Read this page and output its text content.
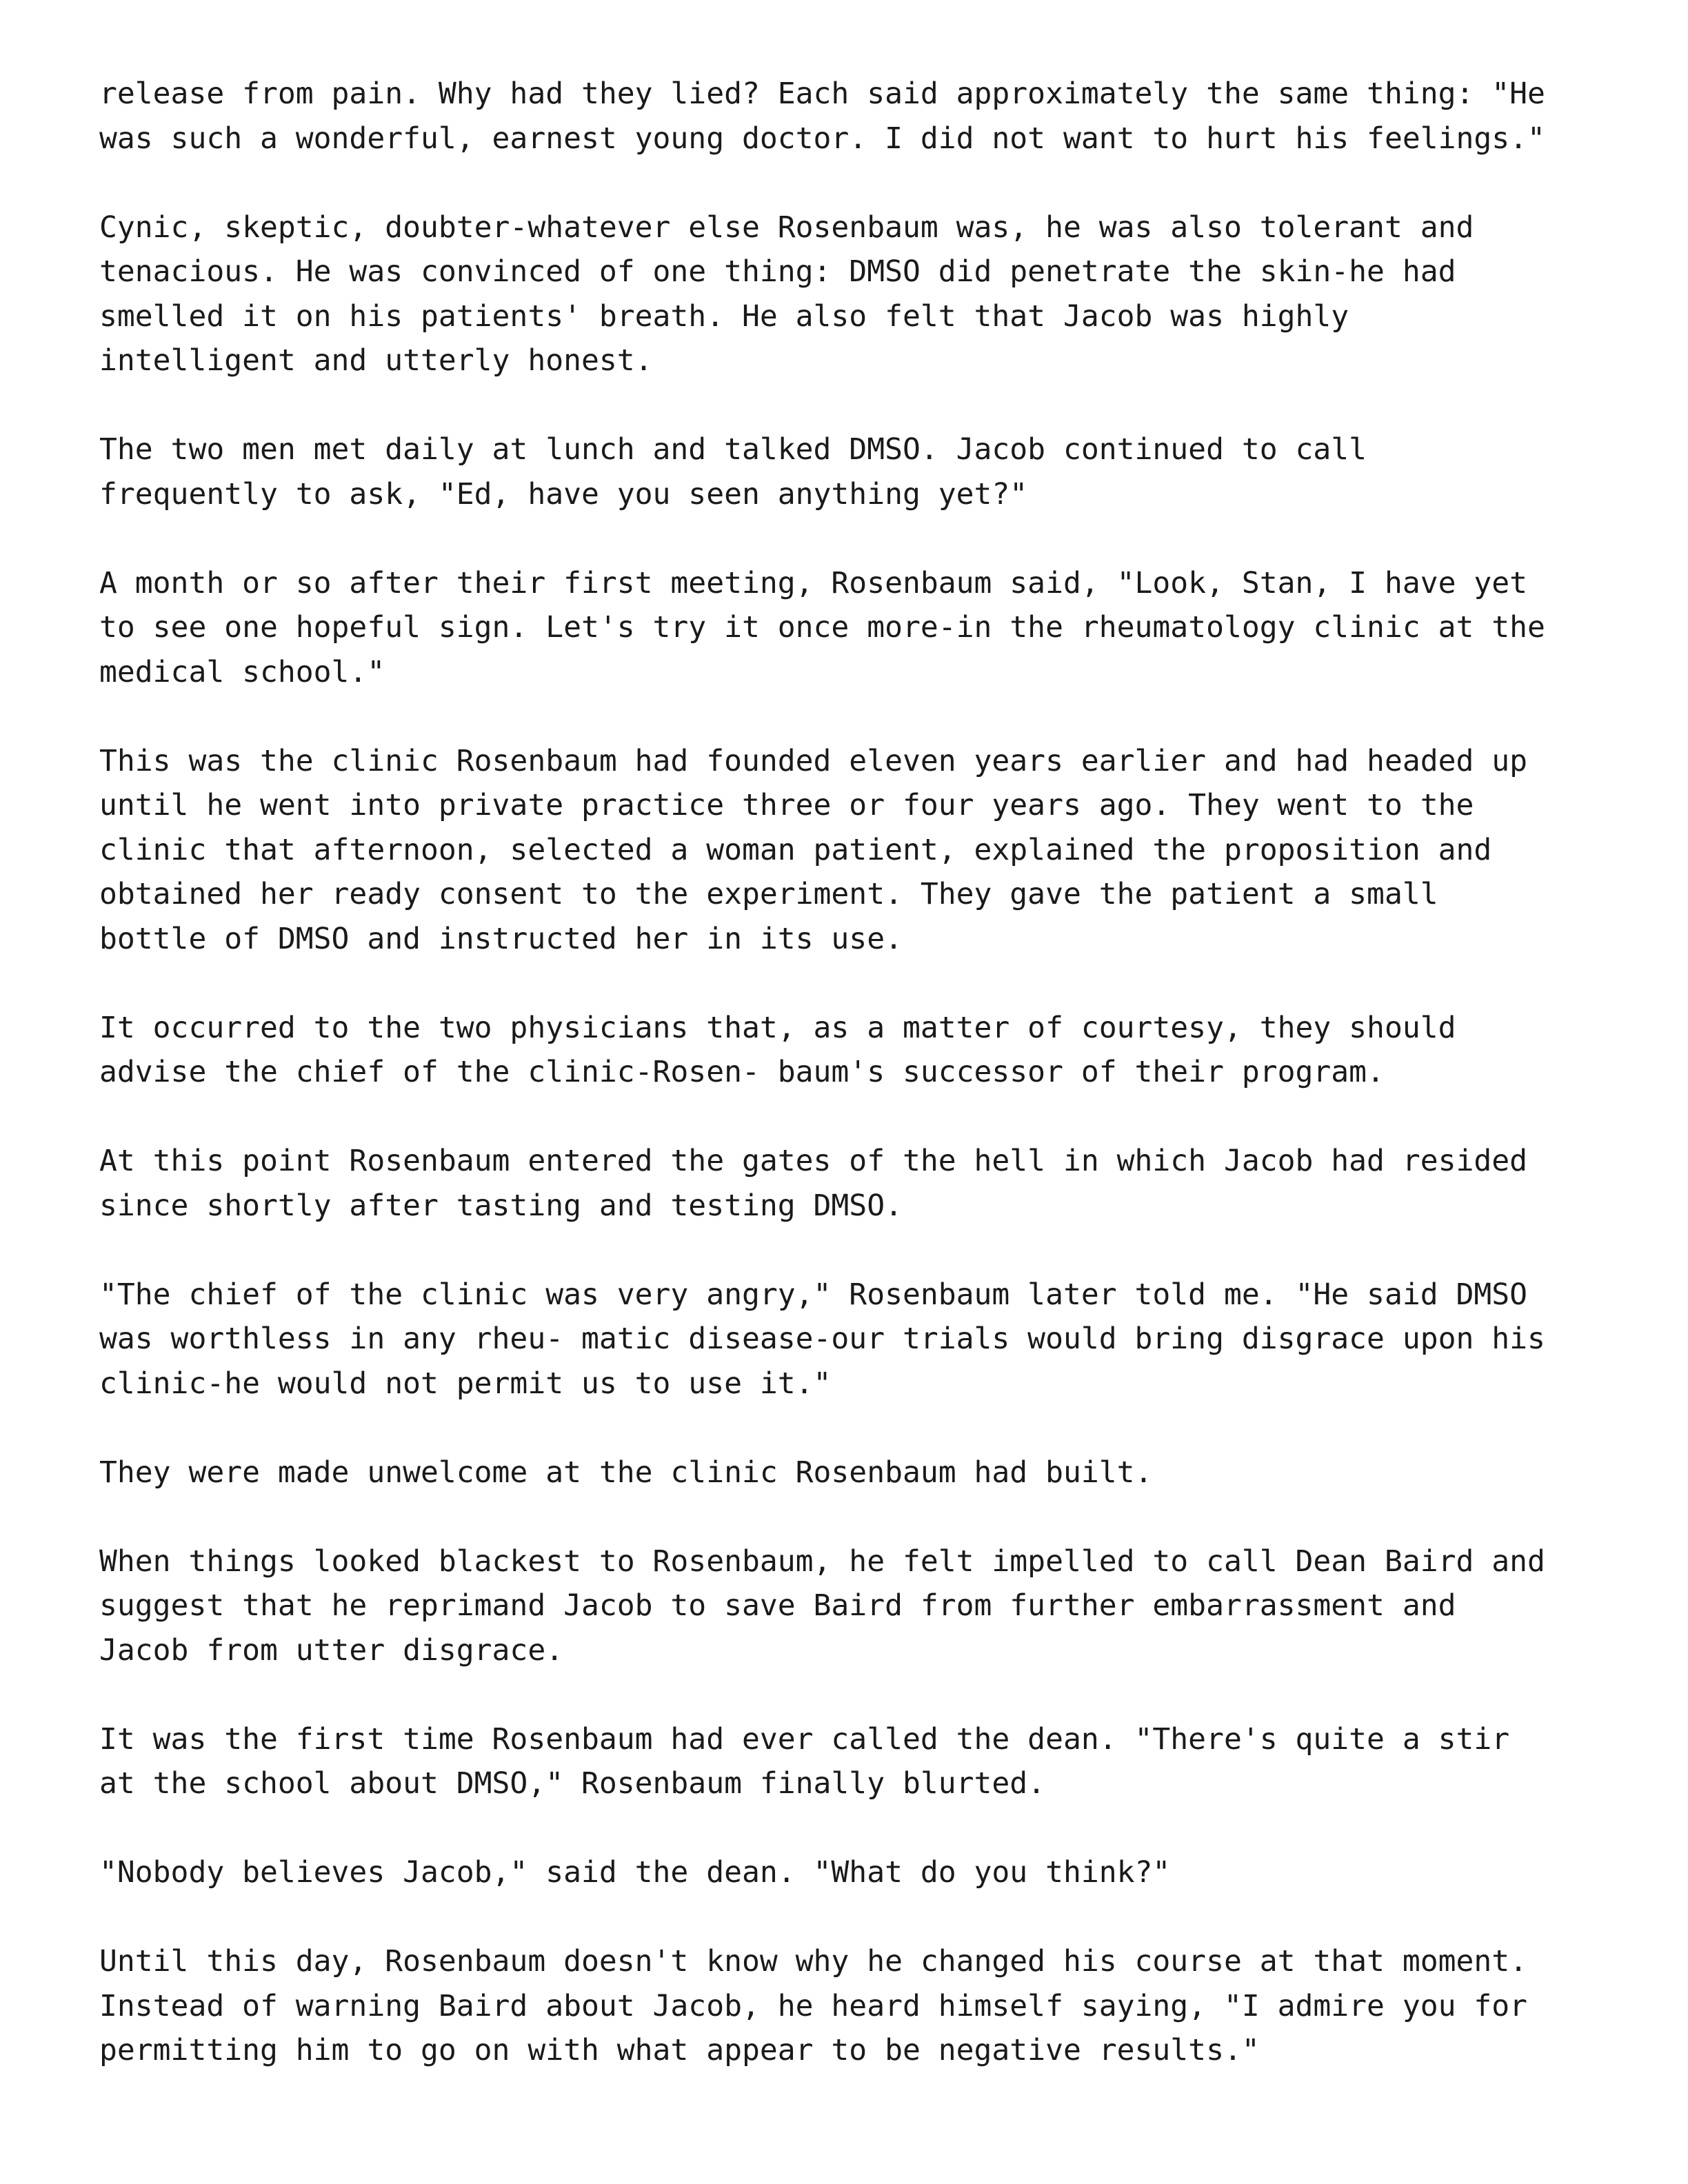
release from pain. Why had they lied? Each said approximately the same thing: "He
was such a wonderful, earnest young doctor. I did not want to hurt his feelings."
Cynic, skeptic, doubter-whatever else Rosenbaum was, he was also tolerant and
tenacious. He was convinced of one thing: DMSO did penetrate the skin-he had
smelled it on his patients' breath. He also felt that Jacob was highly
intelligent and utterly honest.
The two men met daily at lunch and talked DMSO. Jacob continued to call
frequently to ask, "Ed, have you seen anything yet?"
A month or so after their first meeting, Rosenbaum said, "Look, Stan, I have yet
to see one hopeful sign. Let's try it once more-in the rheumatology clinic at the
medical school."
This was the clinic Rosenbaum had founded eleven years earlier and had headed up
until he went into private practice three or four years ago. They went to the
clinic that afternoon, selected a woman patient, explained the proposition and
obtained her ready consent to the experiment. They gave the patient a small
bottle of DMSO and instructed her in its use.
It occurred to the two physicians that, as a matter of courtesy, they should
advise the chief of the clinic-Rosen- baum's successor of their program.
At this point Rosenbaum entered the gates of the hell in which Jacob had resided
since shortly after tasting and testing DMSO.
"The chief of the clinic was very angry," Rosenbaum later told me. "He said DMSO
was worthless in any rheu- matic disease-our trials would bring disgrace upon his
clinic-he would not permit us to use it."
They were made unwelcome at the clinic Rosenbaum had built.
When things looked blackest to Rosenbaum, he felt impelled to call Dean Baird and
suggest that he reprimand Jacob to save Baird from further embarrassment and
Jacob from utter disgrace.
It was the first time Rosenbaum had ever called the dean. "There's quite a stir
at the school about DMSO," Rosenbaum finally blurted.
"Nobody believes Jacob," said the dean. "What do you think?"
Until this day, Rosenbaum doesn't know why he changed his course at that moment.
Instead of warning Baird about Jacob, he heard himself saying, "I admire you for
permitting him to go on with what appear to be negative results."
